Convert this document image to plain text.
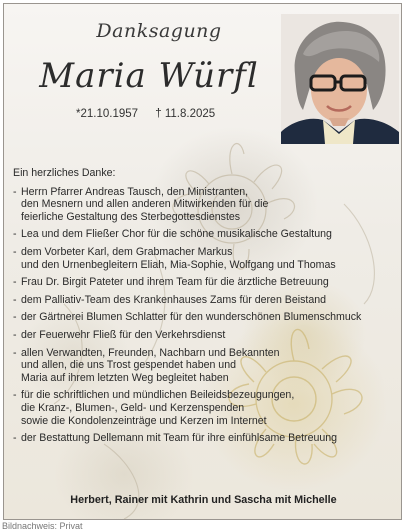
Danksagung
Maria Würfl
*21.10.1957 † 11.8.2025
Ein herzliches Danke:
- Herrn Pfarrer Andreas Tausch, den Ministranten,
den Mesnern und allen anderen Mitwirkenden für die
feierliche Gestaltung des Sterbegottesdienstes
- Lea und dem Fließer Chor für die schöne musikalische Gestaltung
- dem Vorbeter Karl, dem Grabmacher Markus
und den Urnenbegleitern Eliah, Mia-Sophie, Wolfgang und Thomas
- Frau Dr. Birgit Pateter und ihrem Team für die ärztliche Betreuung
- dem Palliativ-Team des Krankenhauses Zams für deren Beistand
- der Gärtnerei Blumen Schlatter für den wunderschönen Blumenschmuck
- der Feuerwehr Fließ für den Verkehrsdienst
- allen Verwandten, Freunden, Nachbarn und Bekannten
und allen, die uns Trost gespendet haben und
Maria auf ihrem letzten Weg begleitet haben
- für die schriftlichen und mündlichen Beileidsbezeugungen,
die Kranz-, Blumen-, Geld- und Kerzenspenden
sowie die Kondolenzeinträge und Kerzen im Internet
- der Bestattung Dellemann mit Team für ihre einfühlsame Betreuung
Herbert, Rainer mit Kathrin und Sascha mit Michelle
Bildnachweis: Privat
